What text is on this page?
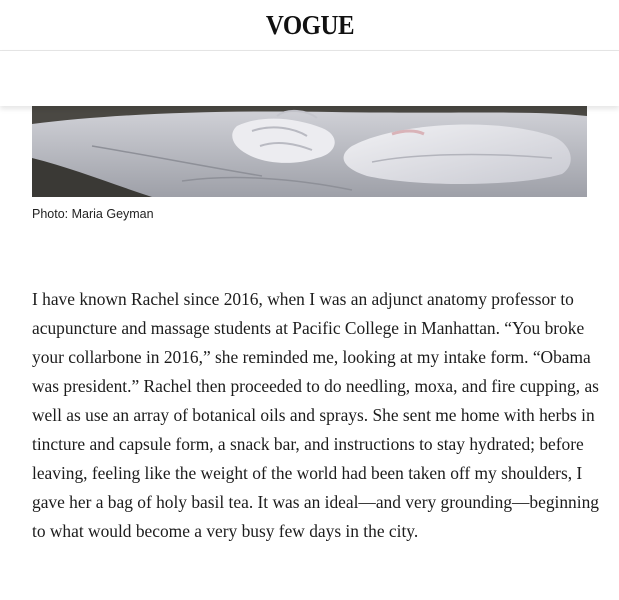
VOGUE
Photo: Maria Geyman

I have known Rachel since 2016, when I was an adjunct anatomy professor to acupuncture and massage students at Pacific College in Manhattan. “You broke your collarbone in 2016,” she reminded me, looking at my intake form. “Obama was president.” Rachel then proceeded to do needling, moxa, and fire cupping, as well as use an array of botanical oils and sprays. She sent me home with herbs in tincture and capsule form, a snack bar, and instructions to stay hydrated; before leaving, feeling like the weight of the world had been taken off my shoulders, I gave her a bag of holy basil tea. It was an ideal—and very grounding—beginning to what would become a very busy few days in the city.
